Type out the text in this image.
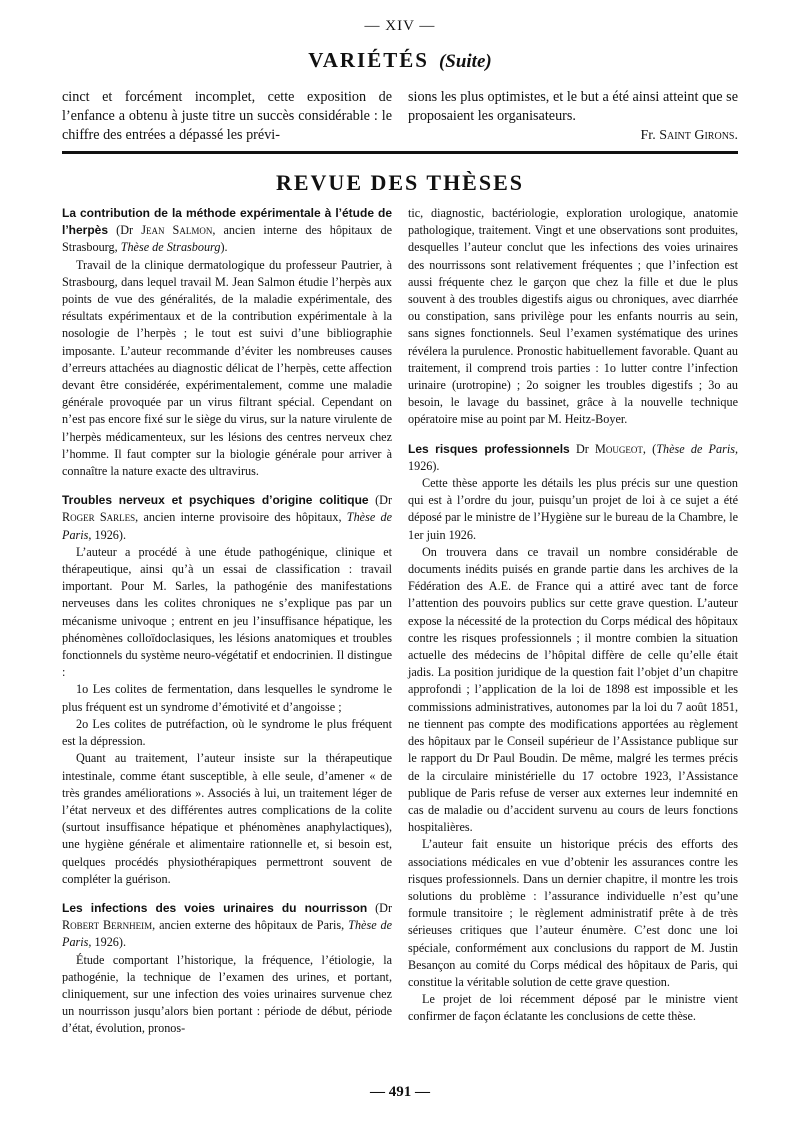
— XIV —
VARIÉTÉS (Suite)
cinct et forcément incomplet, cette exposition de l’enfance a obtenu à juste titre un succès considérable : le chiffre des entrées a dépassé les prévi-
sions les plus optimistes, et le but a été ainsi atteint que se proposaient les organisateurs.
Fr. Saint Girons.
REVUE DES THÈSES
La contribution de la méthode expérimentale à l’étude de l’herpès (Dr Jean Salmon, ancien interne des hôpitaux de Strasbourg, Thèse de Strasbourg).

Travail de la clinique dermatologique du professeur Pautrier, à Strasbourg, dans lequel travail M. Jean Salmon étudie l’herpès aux points de vue des généralités, de la maladie expérimentale, des résultats expérimentaux et de la contribution expérimentale à la nosologie de l’herpès ; le tout est suivi d’une bibliographie imposante. L’auteur recommande d’éviter les nombreuses causes d’erreurs attachées au diagnostic délicat de l’herpès, cette affection devant être considérée, expérimentalement, comme une maladie générale provoquée par un virus filtrant spécial. Cependant on n’est pas encore fixé sur le siège du virus, sur la nature virulente de l’herpès médicamenteux, sur les lésions des centres nerveux chez l’homme. Il faut compter sur la biologie générale pour arriver à connaître la nature exacte des ultravirus.

Troubles nerveux et psychiques d’origine colitique (Dr Roger Sarles, ancien interne provisoire des hôpitaux, Thèse de Paris, 1926).

L’auteur a procédé à une étude pathogénique, clinique et thérapeutique, ainsi qu’à un essai de classification : travail important. Pour M. Sarles, la pathogénie des manifestations nerveuses dans les colites chroniques ne s’explique pas par un mécanisme univoque ; entrent en jeu l’insuffisance hépatique, les phénomènes colloïdoclasiques, les lésions anatomiques et troubles fonctionnels du système neuro-végétatif et endocrinien. Il distingue :

1o Les colites de fermentation, dans lesquelles le syndrome le plus fréquent est un syndrome d’émotivité et d’angoisse ;

2o Les colites de putréfaction, où le syndrome le plus fréquent est la dépression.

Quant au traitement, l’auteur insiste sur la thérapeutique intestinale, comme étant susceptible, à elle seule, d’amener « de très grandes améliorations ». Associés à lui, un traitement léger de l’état nerveux et des différentes autres complications de la colite (surtout insuffisance hépatique et phénomènes anaphylactiques), une hygiène générale et alimentaire rationnelle et, si besoin est, quelques procédés physiothérapiques permettront souvent de compléter la guérison.

Les infections des voies urinaires du nourrisson (Dr Robert Bernheim, ancien externe des hôpitaux de Paris, Thèse de Paris, 1926).

Étude comportant l’historique, la fréquence, l’étiologie, la pathogénie, la technique de l’examen des urines, et portant, cliniquement, sur une infection des voies urinaires survenue chez un nourrisson jusqu’alors bien portant : période de début, période d’état, évolution, pronos-

tic, diagnostic, bactériologie, exploration urologique, anatomie pathologique, traitement. Vingt et une observations sont produites, desquelles l’auteur conclut que les infections des voies urinaires des nourrissons sont relativement fréquentes ; que l’infection est aussi fréquente chez le garçon que chez la fille et due le plus souvent à des troubles digestifs aigus ou chroniques, avec diarrhée ou constipation, sans privilège pour les enfants nourris au sein, sans signes fonctionnels. Seul l’examen systématique des urines révélera la purulence. Pronostic habituellement favorable. Quant au traitement, il comprend trois parties : 1o lutter contre l’infection urinaire (urotropine) ; 2o soigner les troubles digestifs ; 3o au besoin, le lavage du bassinet, grâce à la nouvelle technique opératoire mise au point par M. Heitz-Boyer.

Les risques professionnels Dr Mougeot, (Thèse de Paris, 1926).

Cette thèse apporte les détails les plus précis sur une question qui est à l’ordre du jour, puisqu’un projet de loi à ce sujet a été déposé par le ministre de l’Hygiène sur le bureau de la Chambre, le 1er juin 1926.

On trouvera dans ce travail un nombre considérable de documents inédits puisés en grande partie dans les archives de la Fédération des A.E. de France qui a attiré avec tant de force l’attention des pouvoirs publics sur cette grave question. L’auteur expose la nécessité de la protection du Corps médical des hôpitaux contre les risques professionnels ; il montre combien la situation actuelle des médecins de l’hôpital diffère de celle qu’elle était jadis. La position juridique de la question fait l’objet d’un chapitre approfondi ; l’application de la loi de 1898 est impossible et les commissions administratives, autonomes par la loi du 7 août 1851, ne tiennent pas compte des modifications apportées au règlement des hôpitaux par le Conseil supérieur de l’Assistance publique sur le rapport du Dr Paul Boudin. De même, malgré les termes précis de la circulaire ministérielle du 17 octobre 1923, l’Assistance publique de Paris refuse de verser aux externes leur indemnité en cas de maladie ou d’accident survenu au cours de leurs fonctions hospitalières.

L’auteur fait ensuite un historique précis des efforts des associations médicales en vue d’obtenir les assurances contre les risques professionnels. Dans un dernier chapitre, il montre les trois solutions du problème : l’assurance individuelle n’est qu’une formule transitoire ; le règlement administratif prête à de très sérieuses critiques que l’auteur énumère. C’est donc une loi spéciale, conformément aux conclusions du rapport de M. Justin Besançon au comité du Corps médical des hôpitaux de Paris, qui constitue la véritable solution de cette grave question.

Le projet de loi récemment déposé par le ministre vient confirmer de façon éclatante les conclusions de cette thèse.

— 491 —
